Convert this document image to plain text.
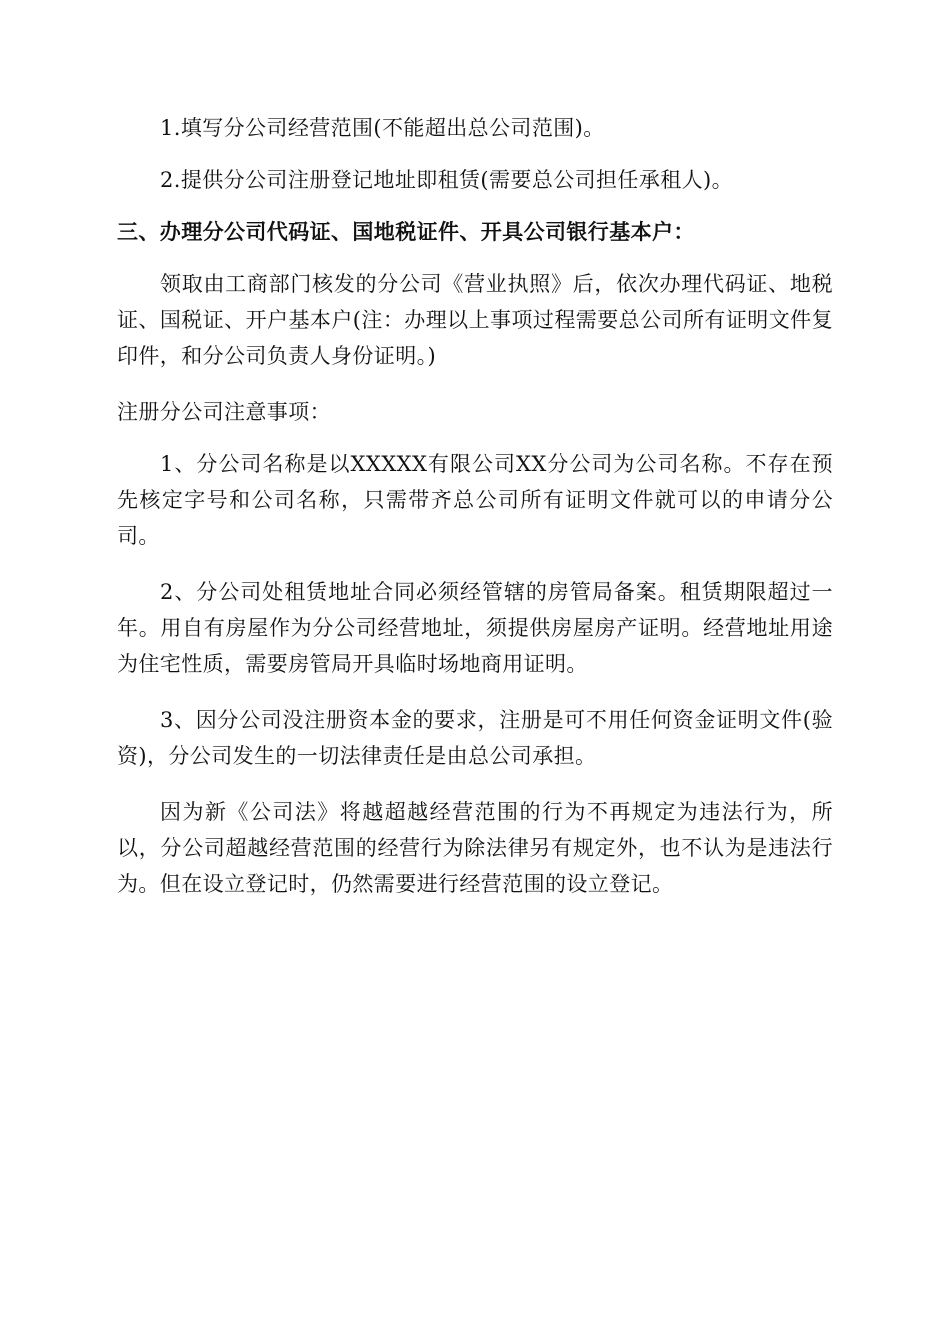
1.填写分公司经营范围(不能超出总公司范围)。

2.提供分公司注册登记地址即租赁(需要总公司担任承租人)。

三、办理分公司代码证、国地税证件、开具公司银行基本户：

领取由工商部门核发的分公司《营业执照》后，依次办理代码证、地税证、国税证、开户基本户(注：办理以上事项过程需要总公司所有证明文件复印件，和分公司负责人身份证明。)

注册分公司注意事项：

1、分公司名称是以XXXXX有限公司XX分公司为公司名称。不存在预先核定字号和公司名称，只需带齐总公司所有证明文件就可以的申请分公司。

2、分公司处租赁地址合同必须经管辖的房管局备案。租赁期限超过一年。用自有房屋作为分公司经营地址，须提供房屋房产证明。经营地址用途为住宅性质，需要房管局开具临时场地商用证明。

3、因分公司没注册资本金的要求，注册是可不用任何资金证明文件(验资)，分公司发生的一切法律责任是由总公司承担。

因为新《公司法》将越超越经营范围的行为不再规定为违法行为，所以，分公司超越经营范围的经营行为除法律另有规定外，也不认为是违法行为。但在设立登记时，仍然需要进行经营范围的设立登记。
